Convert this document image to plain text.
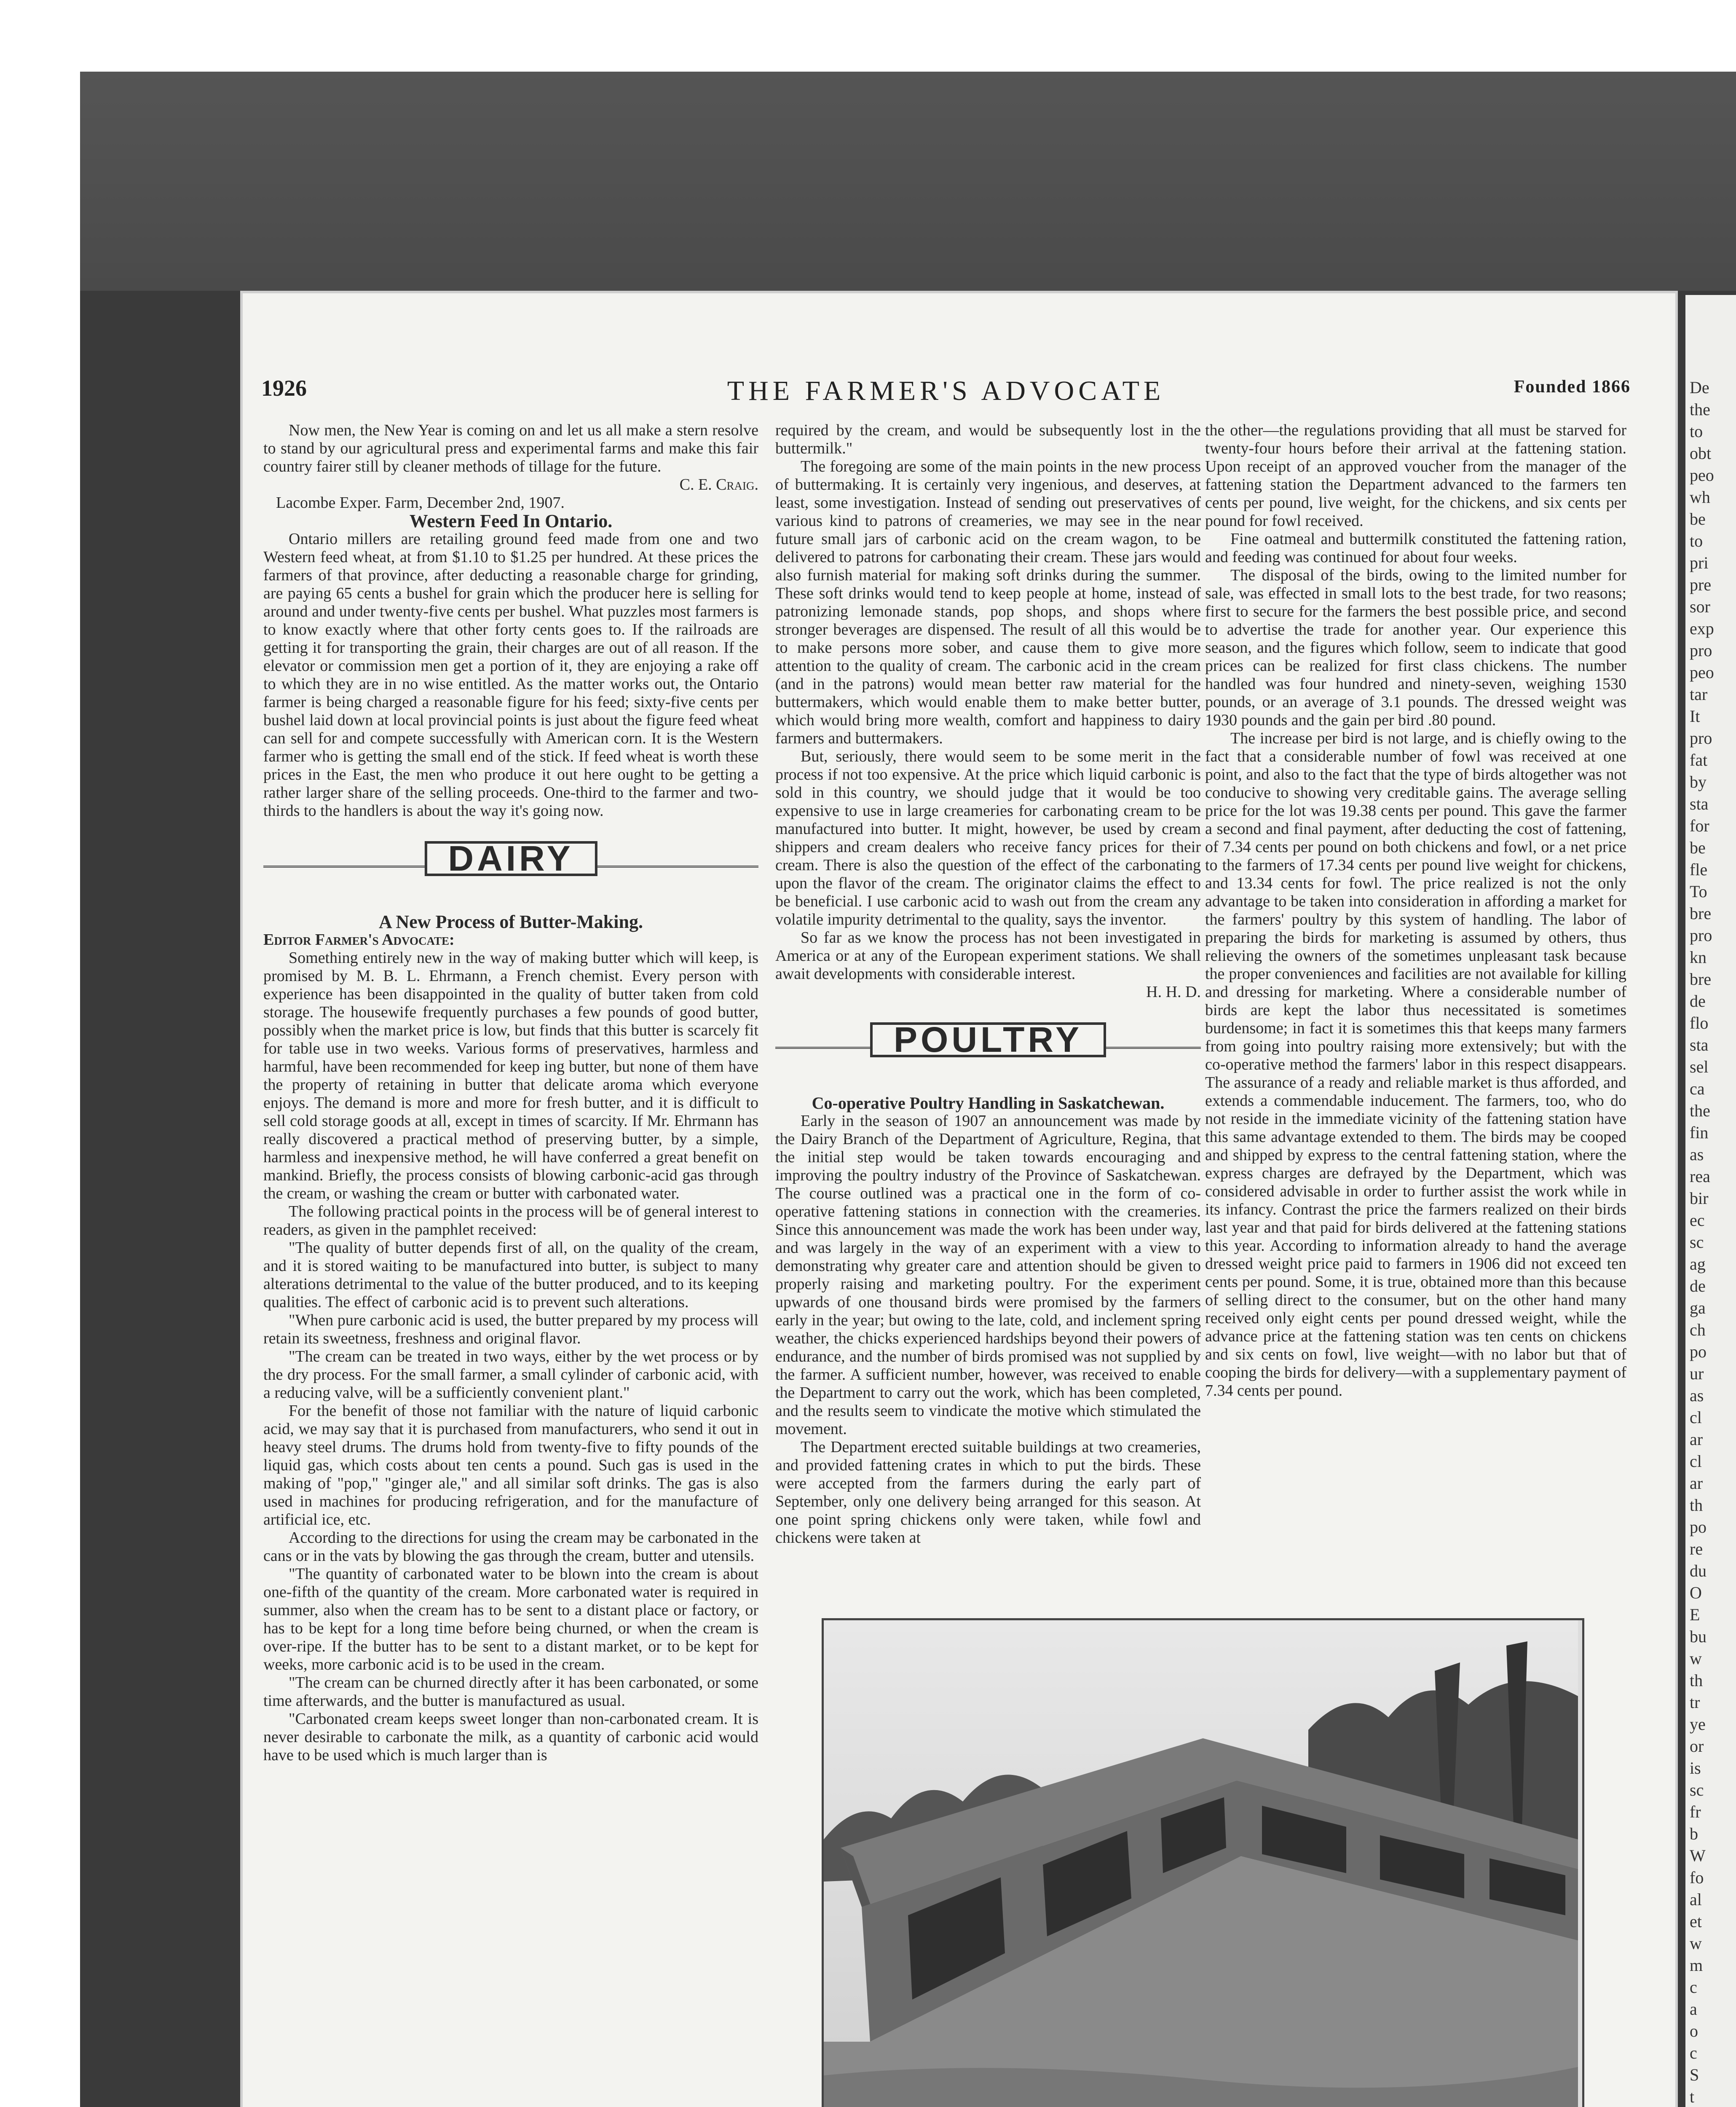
De
the
to
obt
peo
wh
be
to
pri
pre
sor
exp
pro
peo
tar
It
pro
fat
by
sta
for
be
fle
To
bre
pro
kn
bre
de
flo
sta
sel
ca
the
fin
as
rea
bir
ec
sc
ag
de
ga
ch
po
ur
as
cl
ar
cl
ar
th
po
re
du
O
E
bu
w
th
tr
ye
or
is
sc
fr
b
W
fo
al
et
w
m
c
a
o
c
S
t
1926	THE FARMER'S ADVOCATE	Founded 1866

Now men, the New Year is coming on and let us all make a stern resolve to stand by our agricultural press and experimental farms and make this fair country fairer still by cleaner methods of tillage for the future.

C. E. Craig.

Lacombe Exper. Farm, December 2nd, 1907.

Western Feed In Ontario.

Ontario millers are retailing ground feed made from one and two Western feed wheat, at from $1.10 to $1.25 per hundred. At these prices the farmers of that province, after deducting a reasonable charge for grinding, are paying 65 cents a bushel for grain which the producer here is selling for around and under twenty-five cents per bushel. What puzzles most farmers is to know exactly where that other forty cents goes to. If the railroads are getting it for transporting the grain, their charges are out of all reason. If the elevator or commission men get a portion of it, they are enjoying a rake off to which they are in no wise entitled. As the matter works out, the Ontario farmer is being charged a reasonable figure for his feed; sixty-five cents per bushel laid down at local provincial points is just about the figure feed wheat can sell for and compete successfully with American corn. It is the Western farmer who is getting the small end of the stick. If feed wheat is worth these prices in the East, the men who produce it out here ought to be getting a rather larger share of the selling proceeds. One-third to the farmer and two-thirds to the handlers is about the way it's going now.

DAIRY

A New Process of Butter-Making.

Editor Farmer's Advocate:

Something entirely new in the way of making butter which will keep, is promised by M. B. L. Ehrmann, a French chemist. Every person with experience has been disappointed in the quality of butter taken from cold storage. The housewife frequently purchases a few pounds of good butter, possibly when the market price is low, but finds that this butter is scarcely fit for table use in two weeks. Various forms of preservatives, harmless and harmful, have been recommended for keep ing butter, but none of them have the property of retaining in butter that delicate aroma which everyone enjoys. The demand is more and more for fresh butter, and it is difficult to sell cold storage goods at all, except in times of scarcity. If Mr. Ehrmann has really discovered a practical method of preserving butter, by a simple, harmless and inexpensive method, he will have conferred a great benefit on mankind. Briefly, the process consists of blowing carbonic-acid gas through the cream, or washing the cream or butter with carbonated water.

The following practical points in the process will be of general interest to readers, as given in the pamphlet received:

"The quality of butter depends first of all, on the quality of the cream, and it is stored waiting to be manufactured into butter, is subject to many alterations detrimental to the value of the butter produced, and to its keeping qualities. The effect of carbonic acid is to prevent such alterations.

"When pure carbonic acid is used, the butter prepared by my process will retain its sweetness, freshness and original flavor.

"The cream can be treated in two ways, either by the wet process or by the dry process. For the small farmer, a small cylinder of carbonic acid, with a reducing valve, will be a sufficiently convenient plant."

For the benefit of those not familiar with the nature of liquid carbonic acid, we may say that it is purchased from manufacturers, who send it out in heavy steel drums. The drums hold from twenty-five to fifty pounds of the liquid gas, which costs about ten cents a pound. Such gas is used in the making of "pop," "ginger ale," and all similar soft drinks. The gas is also used in machines for producing refrigeration, and for the manufacture of artificial ice, etc.

According to the directions for using the cream may be carbonated in the cans or in the vats by blowing the gas through the cream, butter and utensils.

"The quantity of carbonated water to be blown into the cream is about one-fifth of the quantity of the cream. More carbonated water is required in summer, also when the cream has to be sent to a distant place or factory, or has to be kept for a long time before being churned, or when the cream is over-ripe. If the butter has to be sent to a distant market, or to be kept for weeks, more carbonic acid is to be used in the cream.

"The cream can be churned directly after it has been carbonated, or some time afterwards, and the butter is manufactured as usual.

"Carbonated cream keeps sweet longer than non-carbonated cream. It is never desirable to carbonate the milk, as a quantity of carbonic acid would have to be used which is much larger than is

required by the cream, and would be subsequently lost in the buttermilk."

The foregoing are some of the main points in the new process of buttermaking. It is certainly very ingenious, and deserves, at least, some investigation. Instead of sending out preservatives of various kind to patrons of creameries, we may see in the near future small jars of carbonic acid on the cream wagon, to be delivered to patrons for carbonating their cream. These jars would also furnish material for making soft drinks during the summer. These soft drinks would tend to keep people at home, instead of patronizing lemonade stands, pop shops, and shops where stronger beverages are dispensed. The result of all this would be to make persons more sober, and cause them to give more attention to the quality of cream. The carbonic acid in the cream (and in the patrons) would mean better raw material for the buttermakers, which would enable them to make better butter, which would bring more wealth, comfort and happiness to dairy farmers and buttermakers.

But, seriously, there would seem to be some merit in the process if not too expensive. At the price which liquid carbonic is sold in this country, we should judge that it would be too expensive to use in large creameries for carbonating cream to be manufactured into butter. It might, however, be used by cream shippers and cream dealers who receive fancy prices for their cream. There is also the question of the effect of the carbonating upon the flavor of the cream. The originator claims the effect to be beneficial. I use carbonic acid to wash out from the cream any volatile impurity detrimental to the quality, says the inventor.

So far as we know the process has not been investigated in America or at any of the European experiment stations. We shall await developments with considerable interest.

H. H. D.

POULTRY

Co-operative Poultry Handling in Saskatchewan.

Early in the season of 1907 an announcement was made by the Dairy Branch of the Department of Agriculture, Regina, that the initial step would be taken towards encouraging and improving the poultry industry of the Province of Saskatchewan. The course outlined was a practical one in the form of co-operative fattening stations in connection with the creameries. Since this announcement was made the work has been under way, and was largely in the way of an experiment with a view to demonstrating why greater care and attention should be given to properly raising and marketing poultry. For the experiment upwards of one thousand birds were promised by the farmers early in the year; but owing to the late, cold, and inclement spring weather, the chicks experienced hardships beyond their powers of endurance, and the number of birds promised was not supplied by the farmer. A sufficient number, however, was received to enable the Department to carry out the work, which has been completed, and the results seem to vindicate the motive which stimulated the movement.

The Department erected suitable buildings at two creameries, and provided fattening crates in which to put the birds. These were accepted from the farmers during the early part of September, only one delivery being arranged for this season. At one point spring chickens only were taken, while fowl and chickens were taken at

the other—the regulations providing that all must be starved for twenty-four hours before their arrival at the fattening station. Upon receipt of an approved voucher from the manager of the fattening station the Department advanced to the farmers ten cents per pound, live weight, for the chickens, and six cents per pound for fowl received.

Fine oatmeal and buttermilk constituted the fattening ration, and feeding was continued for about four weeks.

The disposal of the birds, owing to the limited number for sale, was effected in small lots to the best trade, for two reasons; first to secure for the farmers the best possible price, and second to advertise the trade for another year. Our experience this season, and the figures which follow, seem to indicate that good prices can be realized for first class chickens. The number handled was four hundred and ninety-seven, weighing 1530 pounds, or an average of 3.1 pounds. The dressed weight was 1930 pounds and the gain per bird .80 pound.

The increase per bird is not large, and is chiefly owing to the fact that a considerable number of fowl was received at one point, and also to the fact that the type of birds altogether was not conducive to showing very creditable gains. The average selling price for the lot was 19.38 cents per pound. This gave the farmer a second and final payment, after deducting the cost of fattening, of 7.34 cents per pound on both chickens and fowl, or a net price to the farmers of 17.34 cents per pound live weight for chickens, and 13.34 cents for fowl. The price realized is not the only advantage to be taken into consideration in affording a market for the farmers' poultry by this system of handling. The labor of preparing the birds for marketing is assumed by others, thus relieving the owners of the sometimes unpleasant task because the proper conveniences and facilities are not available for killing and dressing for marketing. Where a considerable number of birds are kept the labor thus necessitated is sometimes burdensome; in fact it is sometimes this that keeps many farmers from going into poultry raising more extensively; but with the co-operative method the farmers' labor in this respect disappears. The assurance of a ready and reliable market is thus afforded, and extends a commendable inducement. The farmers, too, who do not reside in the immediate vicinity of the fattening station have this same advantage extended to them. The birds may be cooped and shipped by express to the central fattening station, where the express charges are defrayed by the Department, which was considered advisable in order to further assist the work while in its infancy. Contrast the price the farmers realized on their birds last year and that paid for birds delivered at the fattening stations this year. According to information already to hand the average dressed weight price paid to farmers in 1906 did not exceed ten cents per pound. Some, it is true, obtained more than this because of selling direct to the consumer, but on the other hand many received only eight cents per pound dressed weight, while the advance price at the fattening station was ten cents on chickens and six cents on fowl, live weight—with no labor but that of cooping the birds for delivery—with a supplementary payment of 7.34 cents per pound.
